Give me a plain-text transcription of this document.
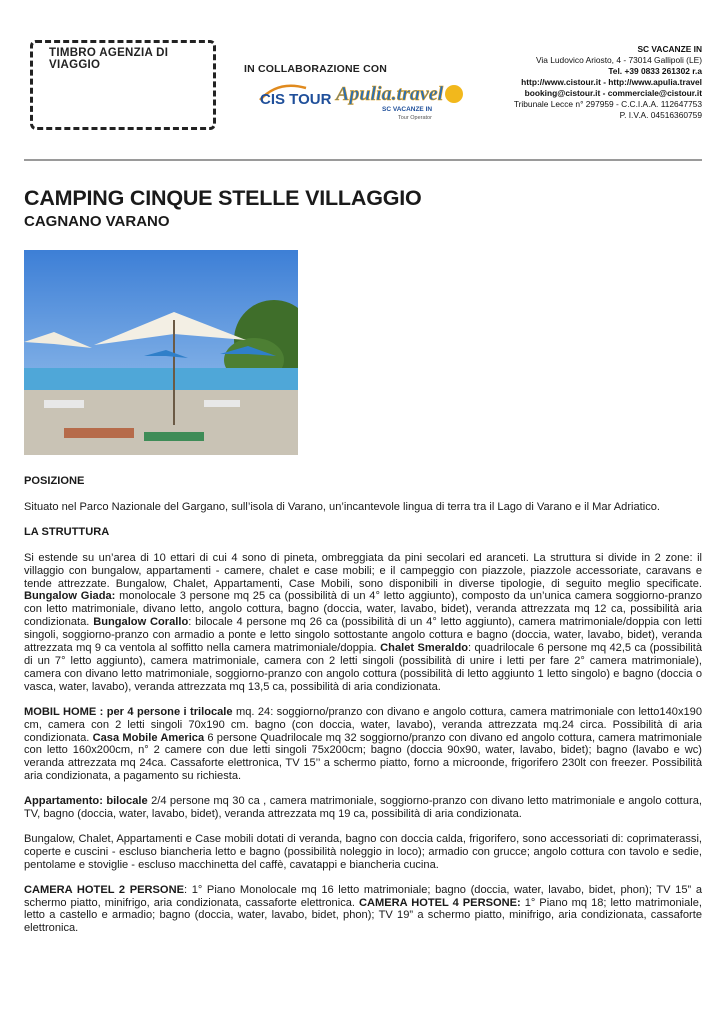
TIMBRO AGENZIA DI VIAGGIO	IN COLLABORAZIONE CON
CIS TOUR Apulia.travel
SC VACANZE IN
Tour Operator
SC VACANZE IN
Via Ludovico Ariosto, 4 - 73014 Gallipoli (LE)
Tel. +39 0833 261302 r.a
http://www.cistour.it - http://www.apulia.travel
booking@cistour.it - commerciale@cistour.it
Tribunale Lecce n° 297959 - C.C.I.A.A. 112647753
P. I.V.A. 04516360759
CAMPING CINQUE STELLE VILLAGGIO
CAGNANO VARANO
POSIZIONE

Situato nel Parco Nazionale del Gargano, sull’isola di Varano, un’incantevole lingua di terra tra il Lago di Varano e il Mar Adriatico.

LA STRUTTURA

Si estende su un’area di 10 ettari di cui 4 sono di pineta, ombreggiata da pini secolari ed aranceti. La struttura si divide in 2 zone: il villaggio con bungalow, appartamenti - camere, chalet e case mobili; e il campeggio con piazzole, piazzole accessoriate, caravans e tende attrezzate. Bungalow, Chalet, Appartamenti, Case Mobili, sono disponibili in diverse tipologie, di seguito meglio specificate. Bungalow Giada: monolocale 3 persone mq 25 ca (possibilità di un 4° letto aggiunto), composto da un’unica camera soggiorno-pranzo con letto matrimoniale, divano letto, angolo cottura, bagno (doccia, water, lavabo, bidet), veranda attrezzata mq 12 ca, possibilità aria condizionata. Bungalow Corallo: bilocale 4 persone mq 26 ca (possibilità di un 4° letto aggiunto), camera matrimoniale/doppia con letti singoli, soggiorno-pranzo con armadio a ponte e letto singolo sottostante angolo cottura e bagno (doccia, water, lavabo, bidet), veranda attrezzata mq 9 ca ventola al soffitto nella camera matrimoniale/doppia. Chalet Smeraldo: quadrilocale 6 persone mq 42,5 ca (possibilità di un 7° letto aggiunto), camera matrimoniale, camera con 2 letti singoli (possibilità di unire i letti per fare 2° camera matrimoniale), camera con divano letto matrimoniale, soggiorno-pranzo con angolo cottura (possibilità di letto aggiunto 1 letto singolo) e bagno (doccia o vasca, water, lavabo), veranda attrezzata mq 13,5 ca, possibilità di aria condizionata.

MOBIL HOME : per 4 persone i trilocale mq. 24: soggiorno/pranzo con divano e angolo cottura, camera matrimoniale con letto140x190 cm, camera con 2 letti singoli 70x190 cm. bagno (con doccia, water, lavabo), veranda attrezzata mq.24 circa. Possibilità di aria condizionata. Casa Mobile America 6 persone Quadrilocale mq 32 soggiorno/pranzo con divano ed angolo cottura, camera matrimoniale con letto 160x200cm, n° 2 camere con due letti singoli 75x200cm; bagno (doccia 90x90, water, lavabo, bidet); bagno (lavabo e wc) veranda attrezzata mq 24ca. Cassaforte elettronica, TV 15’’ a schermo piatto, forno a microonde, frigorifero 230lt con freezer. Possibilità aria condizionata, a pagamento su richiesta.

Appartamento: bilocale 2/4 persone mq 30 ca , camera matrimoniale, soggiorno-pranzo con divano letto matrimoniale e angolo cottura, TV, bagno (doccia, water, lavabo, bidet), veranda attrezzata mq 19 ca, possibilità di aria condizionata.

Bungalow, Chalet, Appartamenti e Case mobili dotati di veranda, bagno con doccia calda, frigorifero, sono accessoriati di: coprimaterassi, coperte e cuscini - escluso biancheria letto e bagno (possibilità noleggio in loco); armadio con grucce; angolo cottura con tavolo e sedie, pentolame e stoviglie - escluso macchinetta del caffè, cavatappi e biancheria cucina.

CAMERA HOTEL 2 PERSONE: 1° Piano Monolocale mq 16 letto matrimoniale; bagno (doccia, water, lavabo, bidet, phon); TV 15” a schermo piatto, minifrigo, aria condizionata, cassaforte elettronica. CAMERA HOTEL 4 PERSONE: 1° Piano mq 18; letto matrimoniale, letto a castello e armadio; bagno (doccia, water, lavabo, bidet, phon); TV 19” a schermo piatto, minifrigo, aria condizionata, cassaforte elettronica.
